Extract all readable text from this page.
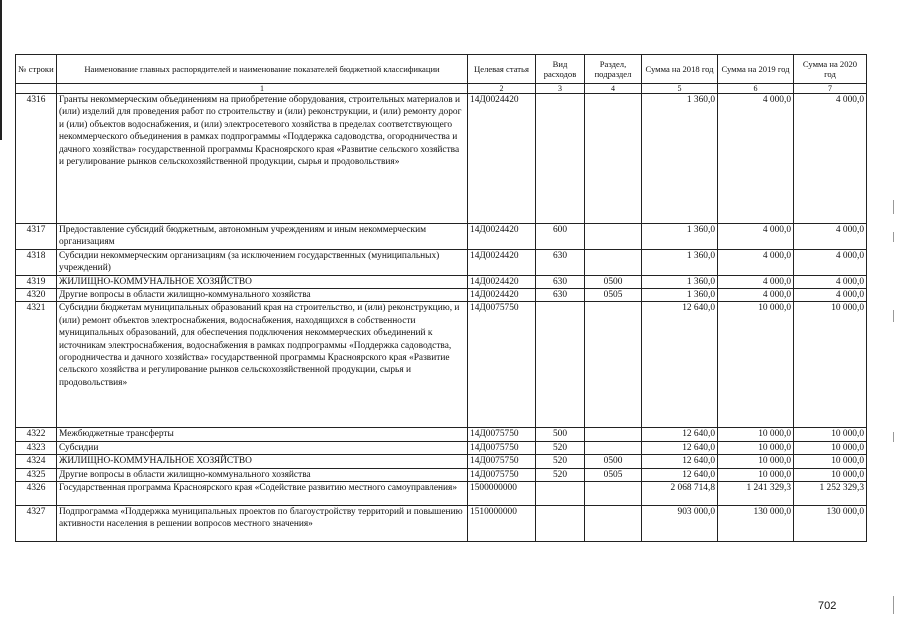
№ строки	Наименование главных распорядителей и наименование показателей бюджетной классификации	Целевая статья	Вид расходов	Раздел, подраздел	Сумма на 2018 год	Сумма на 2019 год	Сумма на 2020 год
	1	2	3	4	5	6	7
4316	Гранты некоммерческим объединениям на приобретение оборудования, строительных материалов и (или) изделий для проведения работ по строительству и (или) реконструкции, и (или) ремонту дорог и (или) объектов водоснабжения, и (или) электросетевого хозяйства в пределах соответствующего некоммерческого объединения в рамках подпрограммы «Поддержка садоводства, огородничества и дачного хозяйства» государственной программы Красноярского края «Развитие сельского хозяйства и регулирование рынков сельскохозяйственной продукции, сырья и продовольствия»	14Д0024420			1 360,0	4 000,0	4 000,0
4317	Предоставление субсидий бюджетным, автономным учреждениям и иным некоммерческим организациям	14Д0024420	600		1 360,0	4 000,0	4 000,0
4318	Субсидии некоммерческим организациям (за исключением государственных (муниципальных) учреждений)	14Д0024420	630		1 360,0	4 000,0	4 000,0
4319	ЖИЛИЩНО-КОММУНАЛЬНОЕ ХОЗЯЙСТВО	14Д0024420	630	0500	1 360,0	4 000,0	4 000,0
4320	Другие вопросы в области жилищно-коммунального хозяйства	14Д0024420	630	0505	1 360,0	4 000,0	4 000,0
4321	Субсидии бюджетам муниципальных образований края на строительство, и (или) реконструкцию, и (или) ремонт объектов электроснабжения, водоснабжения, находящихся в собственности муниципальных образований, для обеспечения подключения некоммерческих объединений к источникам электроснабжения, водоснабжения в рамках подпрограммы «Поддержка садоводства, огородничества и дачного хозяйства» государственной программы Красноярского края «Развитие сельского хозяйства и регулирование рынков сельскохозяйственной продукции, сырья и продовольствия»	14Д0075750			12 640,0	10 000,0	10 000,0
4322	Межбюджетные трансферты	14Д0075750	500		12 640,0	10 000,0	10 000,0
4323	Субсидии	14Д0075750	520		12 640,0	10 000,0	10 000,0
4324	ЖИЛИЩНО-КОММУНАЛЬНОЕ ХОЗЯЙСТВО	14Д0075750	520	0500	12 640,0	10 000,0	10 000,0
4325	Другие вопросы в области жилищно-коммунального хозяйства	14Д0075750	520	0505	12 640,0	10 000,0	10 000,0
4326	Государственная программа Красноярского края «Содействие развитию местного самоуправления»	1500000000			2 068 714,8	1 241 329,3	1 252 329,3
4327	Подпрограмма «Поддержка муниципальных проектов по благоустройству территорий и повышению активности населения в решении вопросов местного значения»	1510000000			903 000,0	130 000,0	130 000,0
702
